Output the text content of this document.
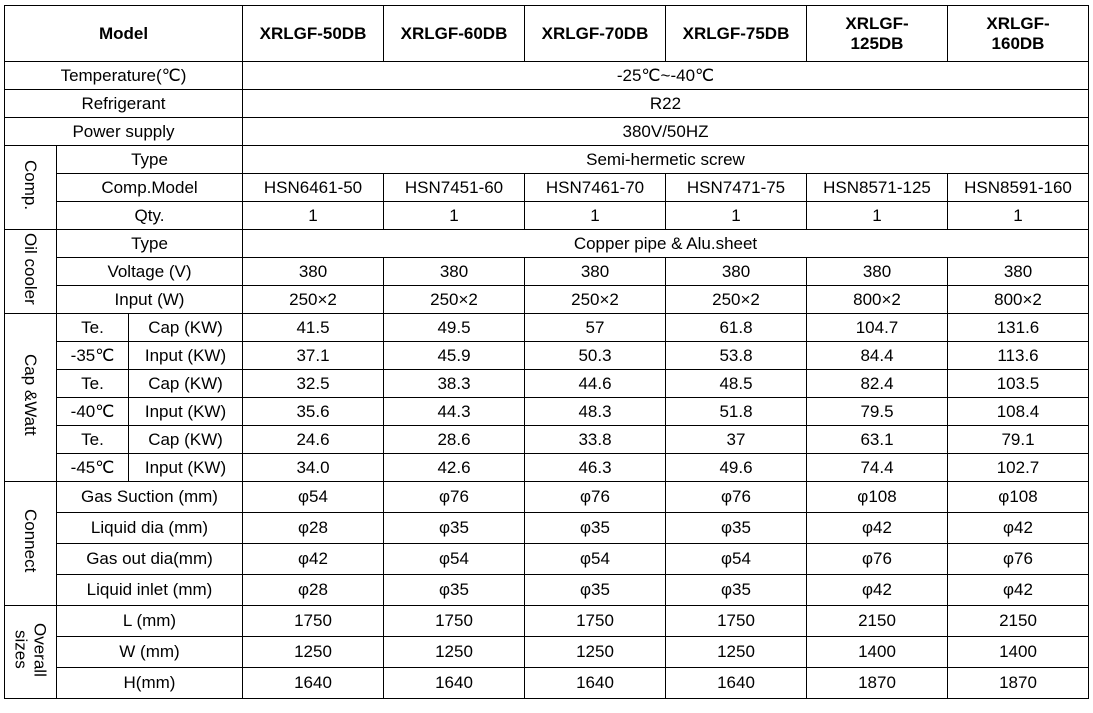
Model			XRLGF-50DB	XRLGF-60DB	XRLGF-70DB	XRLGF-75DB	XRLGF-125DB	XRLGF-160DB
Temperature(℃)			-25℃~-40℃					
Refrigerant			R22					
Power supply			380V/50HZ					
Comp.	Type		Semi-hermetic screw					
	Comp.Model		HSN6461-50	HSN7451-60	HSN7461-70	HSN7471-75	HSN8571-125	HSN8591-160
	Qty.		1	1	1	1	1	1
Oil cooler	Type		Copper pipe & Alu.sheet					
	Voltage (V)		380	380	380	380	380	380
	Input (W)		250×2	250×2	250×2	250×2	800×2	800×2
Cap &Watt	Te.	Cap (KW)	41.5	49.5	57	61.8	104.7	131.6
	-35℃	Input (KW)	37.1	45.9	50.3	53.8	84.4	113.6
	Te.	Cap (KW)	32.5	38.3	44.6	48.5	82.4	103.5
	-40℃	Input (KW)	35.6	44.3	48.3	51.8	79.5	108.4
	Te.	Cap (KW)	24.6	28.6	33.8	37	63.1	79.1
	-45℃	Input (KW)	34.0	42.6	46.3	49.6	74.4	102.7
Connect	Gas Suction (mm)		φ54	φ76	φ76	φ76	φ108	φ108
	Liquid dia (mm)		φ28	φ35	φ35	φ35	φ42	φ42
	Gas out dia(mm)		φ42	φ54	φ54	φ54	φ76	φ76
	Liquid inlet (mm)		φ28	φ35	φ35	φ35	φ42	φ42
Overall sizes	L (mm)		1750	1750	1750	1750	2150	2150
	W (mm)		1250	1250	1250	1250	1400	1400
	H(mm)		1640	1640	1640	1640	1870	1870
